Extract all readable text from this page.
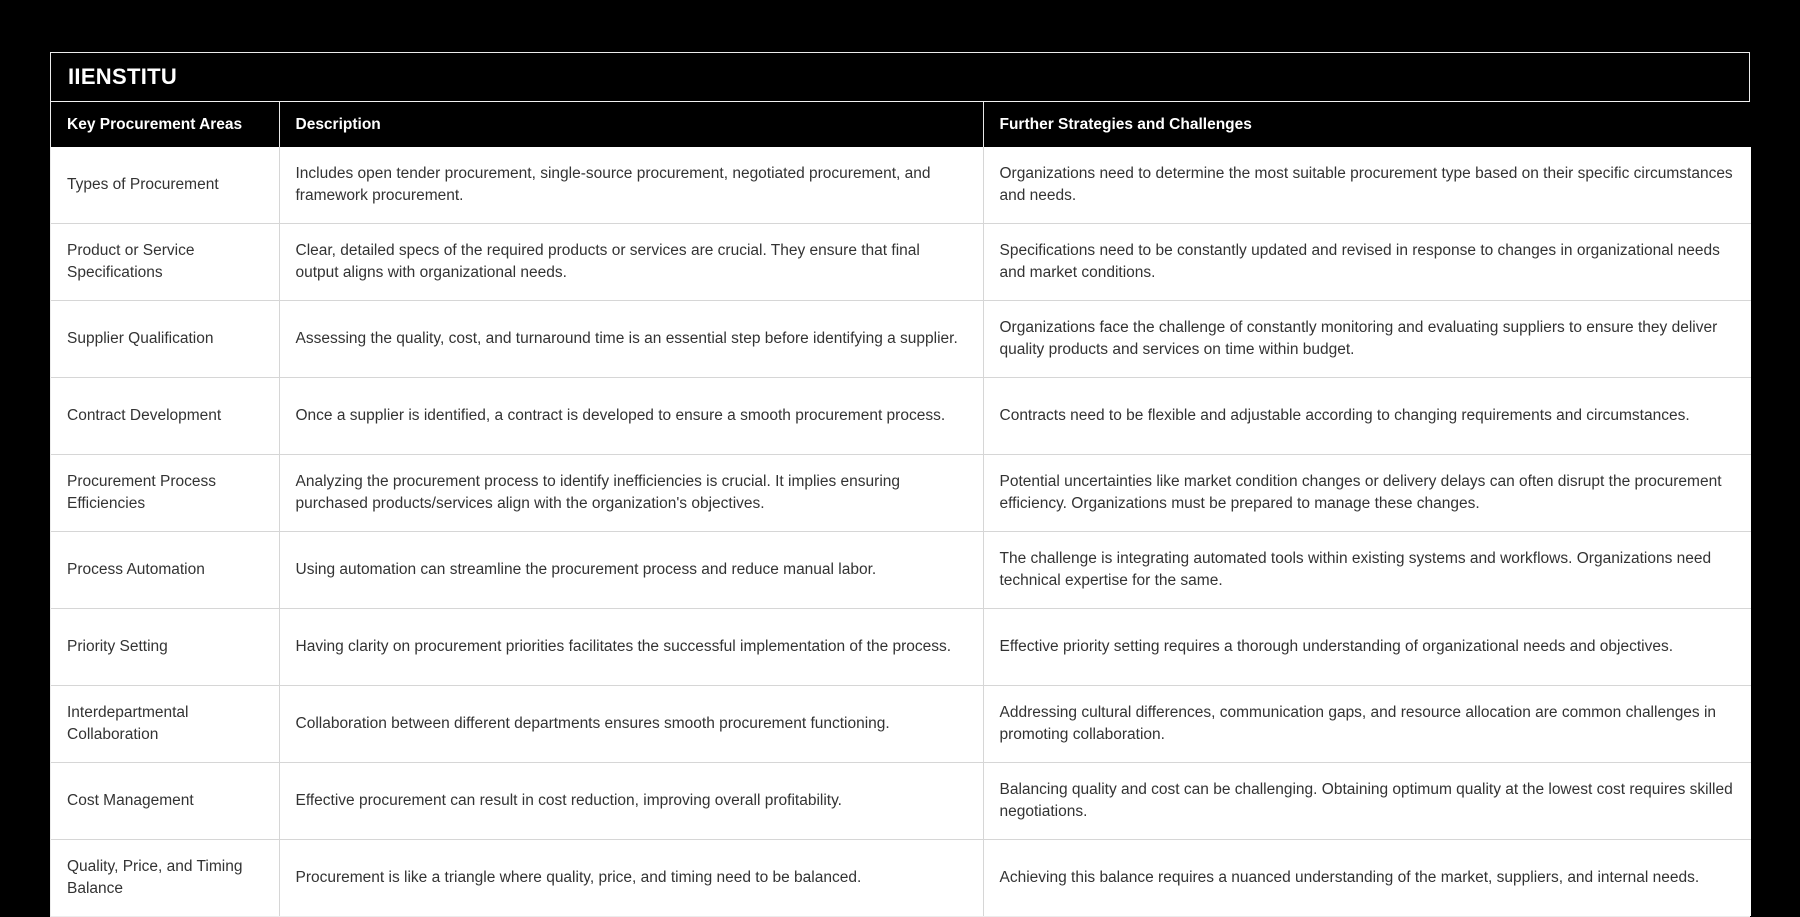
IIENSTITU
Key Procurement Areas	Description	Further Strategies and Challenges
Types of Procurement	Includes open tender procurement, single-source procurement, negotiated procurement, and framework procurement.	Organizations need to determine the most suitable procurement type based on their specific circumstances and needs.
Product or Service Specifications	Clear, detailed specs of the required products or services are crucial. They ensure that final output aligns with organizational needs.	Specifications need to be constantly updated and revised in response to changes in organizational needs and market conditions.
Supplier Qualification	Assessing the quality, cost, and turnaround time is an essential step before identifying a supplier.	Organizations face the challenge of constantly monitoring and evaluating suppliers to ensure they deliver quality products and services on time within budget.
Contract Development	Once a supplier is identified, a contract is developed to ensure a smooth procurement process.	Contracts need to be flexible and adjustable according to changing requirements and circumstances.
Procurement Process Efficiencies	Analyzing the procurement process to identify inefficiencies is crucial. It implies ensuring purchased products/services align with the organization's objectives.	Potential uncertainties like market condition changes or delivery delays can often disrupt the procurement efficiency. Organizations must be prepared to manage these changes.
Process Automation	Using automation can streamline the procurement process and reduce manual labor.	The challenge is integrating automated tools within existing systems and workflows. Organizations need technical expertise for the same.
Priority Setting	Having clarity on procurement priorities facilitates the successful implementation of the process.	Effective priority setting requires a thorough understanding of organizational needs and objectives.
Interdepartmental Collaboration	Collaboration between different departments ensures smooth procurement functioning.	Addressing cultural differences, communication gaps, and resource allocation are common challenges in promoting collaboration.
Cost Management	Effective procurement can result in cost reduction, improving overall profitability.	Balancing quality and cost can be challenging. Obtaining optimum quality at the lowest cost requires skilled negotiations.
Quality, Price, and Timing Balance	Procurement is like a triangle where quality, price, and timing need to be balanced.	Achieving this balance requires a nuanced understanding of the market, suppliers, and internal needs.
